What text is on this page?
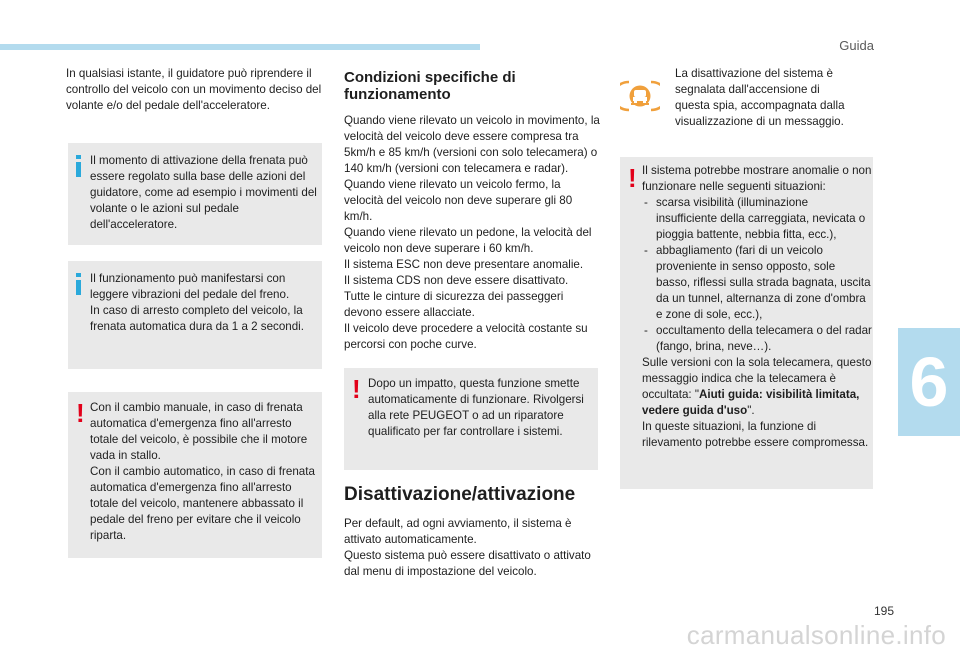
Guida
6
195
carmanualsonline.info

In qualsiasi istante, il guidatore può riprendere il controllo del veicolo con un movimento deciso del volante e/o del pedale dell'acceleratore.

Il momento di attivazione della frenata può essere regolato sulla base delle azioni del guidatore, come ad esempio i movimenti del volante o le azioni sul pedale dell'acceleratore.

Il funzionamento può manifestarsi con leggere vibrazioni del pedale del freno.

In caso di arresto completo del veicolo, la frenata automatica dura da 1 a 2 secondi.

! Con il cambio manuale, in caso di frenata automatica d'emergenza fino all'arresto totale del veicolo, è possibile che il motore vada in stallo.

Con il cambio automatico, in caso di frenata automatica d'emergenza fino all'arresto totale del veicolo, mantenere abbassato il pedale del freno per evitare che il veicolo riparta.

Condizioni specifiche di funzionamento

Quando viene rilevato un veicolo in movimento, la velocità del veicolo deve essere compresa tra 5km/h e 85 km/h (versioni con solo telecamera) o 140 km/h (versioni con telecamera e radar).

Quando viene rilevato un veicolo fermo, la velocità del veicolo non deve superare gli 80 km/h.

Quando viene rilevato un pedone, la velocità del veicolo non deve superare i 60 km/h.

Il sistema ESC non deve presentare anomalie.

Il sistema CDS non deve essere disattivato.

Tutte le cinture di sicurezza dei passeggeri devono essere allacciate.

Il veicolo deve procedere a velocità costante su percorsi con poche curve.

! Dopo un impatto, questa funzione smette automaticamente di funzionare. Rivolgersi alla rete PEUGEOT o ad un riparatore qualificato per far controllare i sistemi.

Disattivazione/attivazione

Per default, ad ogni avviamento, il sistema è attivato automaticamente.

Questo sistema può essere disattivato o attivato dal menu di impostazione del veicolo.

La disattivazione del sistema è segnalata dall'accensione di questa spia, accompagnata dalla visualizzazione di un messaggio.

! Il sistema potrebbe mostrare anomalie o non funzionare nelle seguenti situazioni:

- scarsa visibilità (illuminazione insufficiente della carreggiata, nevicata o pioggia battente, nebbia fitta, ecc.),
- abbagliamento (fari di un veicolo proveniente in senso opposto, sole basso, riflessi sulla strada bagnata, uscita da un tunnel, alternanza di zone d'ombra e zone di sole, ecc.),
- occultamento della telecamera o del radar (fango, brina, neve…).

Sulle versioni con la sola telecamera, questo messaggio indica che la telecamera è occultata: "Aiuti guida: visibilità limitata, vedere guida d'uso".

In queste situazioni, la funzione di rilevamento potrebbe essere compromessa.
